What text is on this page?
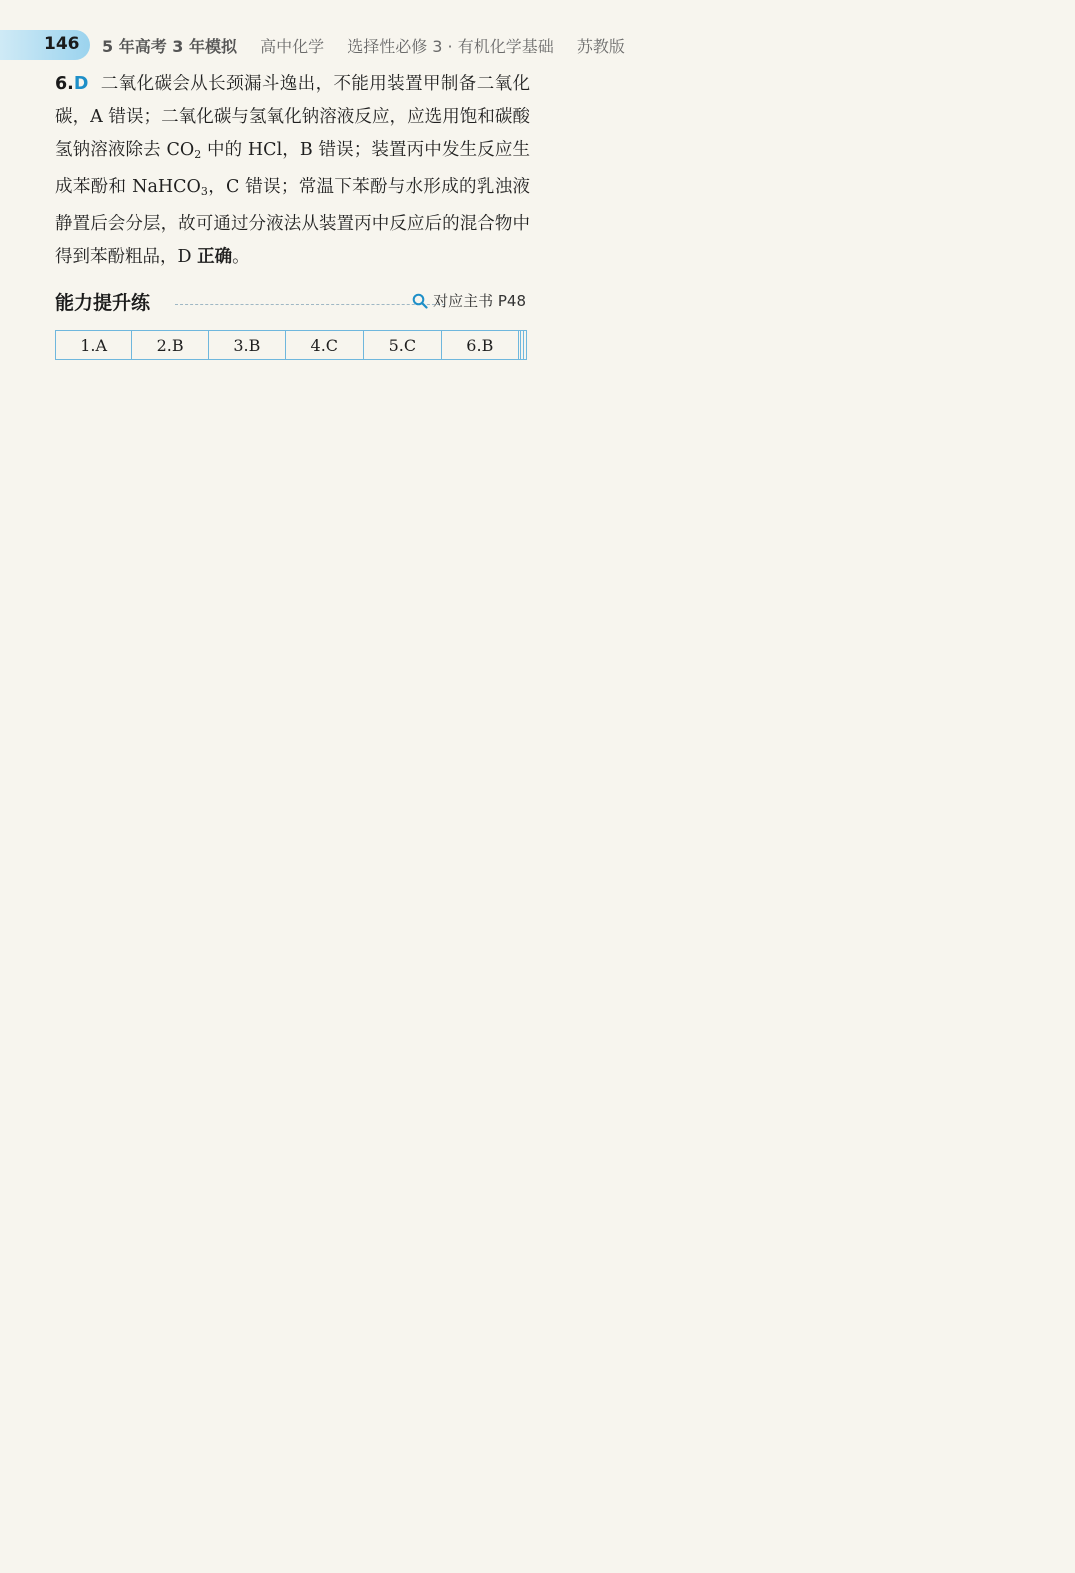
146 5 年高考 3 年模拟 高中化学 选择性必修 3 · 有机化学基础 苏教版

6.D 二氧化碳会从长颈漏斗逸出，不能用装置甲制备二氧化碳，A 错误；二氧化碳与氢氧化钠溶液反应，应选用饱和碳酸氢钠溶液除去 $CO_2$ 中的 HCl，B 错误；装置丙中发生反应生成苯酚和 NaHCO$_3$，C 错误；常温下苯酚与水形成的乳浊液静置后会分层，故可通过分液法从装置丙中反应后的混合物中得到苯酚粗品，D 正确。

能力提升练	对应主书 P48
1.A	2.B	3.B	4.C	5.C	6.B			
